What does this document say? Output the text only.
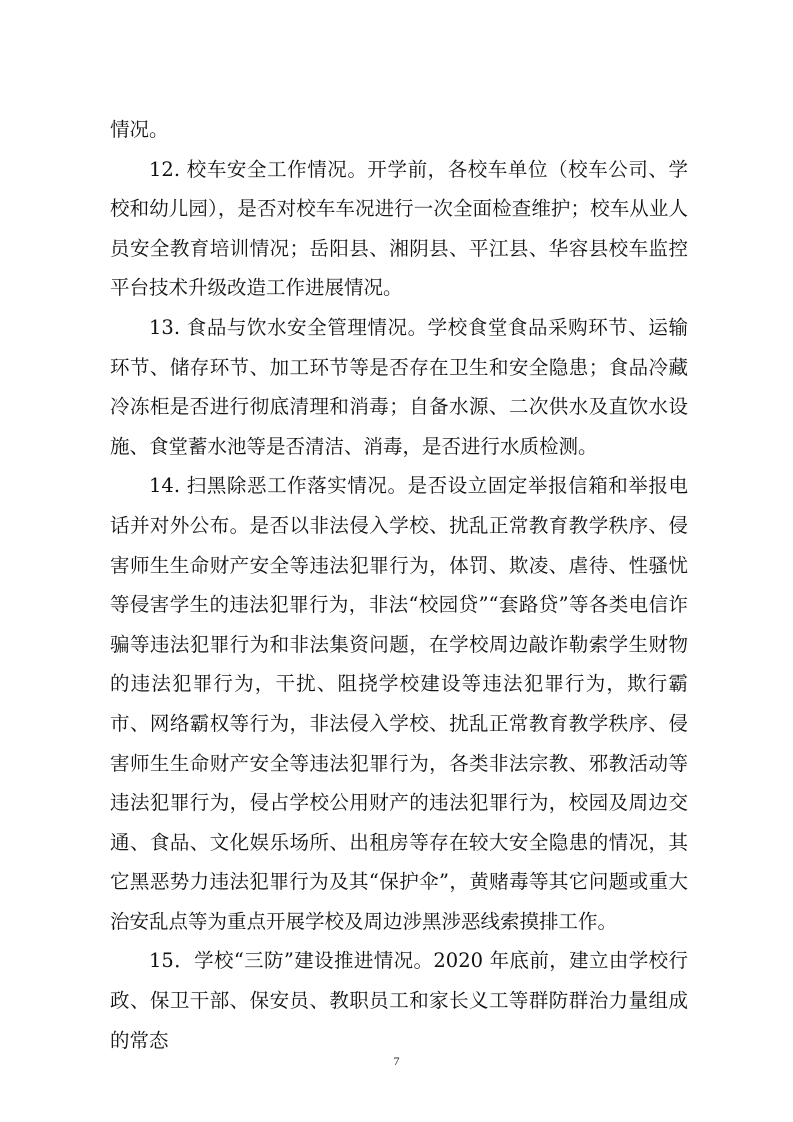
情况。

12. 校车安全工作情况。开学前，各校车单位（校车公司、学校和幼儿园），是否对校车车况进行一次全面检查维护；校车从业人员安全教育培训情况；岳阳县、湘阴县、平江县、华容县校车监控平台技术升级改造工作进展情况。

13. 食品与饮水安全管理情况。学校食堂食品采购环节、运输环节、储存环节、加工环节等是否存在卫生和安全隐患；食品冷藏冷冻柜是否进行彻底清理和消毒；自备水源、二次供水及直饮水设施、食堂蓄水池等是否清洁、消毒，是否进行水质检测。

14. 扫黑除恶工作落实情况。是否设立固定举报信箱和举报电话并对外公布。是否以非法侵入学校、扰乱正常教育教学秩序、侵害师生生命财产安全等违法犯罪行为，体罚、欺凌、虐待、性骚忧等侵害学生的违法犯罪行为，非法“校园贷”“套路贷”等各类电信诈骗等违法犯罪行为和非法集资问题，在学校周边敲诈勒索学生财物的违法犯罪行为，干扰、阻挠学校建设等违法犯罪行为，欺行霸市、网络霸权等行为，非法侵入学校、扰乱正常教育教学秩序、侵害师生生命财产安全等违法犯罪行为，各类非法宗教、邪教活动等违法犯罪行为，侵占学校公用财产的违法犯罪行为，校园及周边交通、食品、文化娱乐场所、出租房等存在较大安全隐患的情况，其它黑恶势力违法犯罪行为及其“保护伞”，黄赌毒等其它问题或重大治安乱点等为重点开展学校及周边涉黑涉恶线索摸排工作。

15．学校“三防”建设推进情况。2020 年底前，建立由学校行政、保卫干部、保安员、教职员工和家长义工等群防群治力量组成的常态

7
